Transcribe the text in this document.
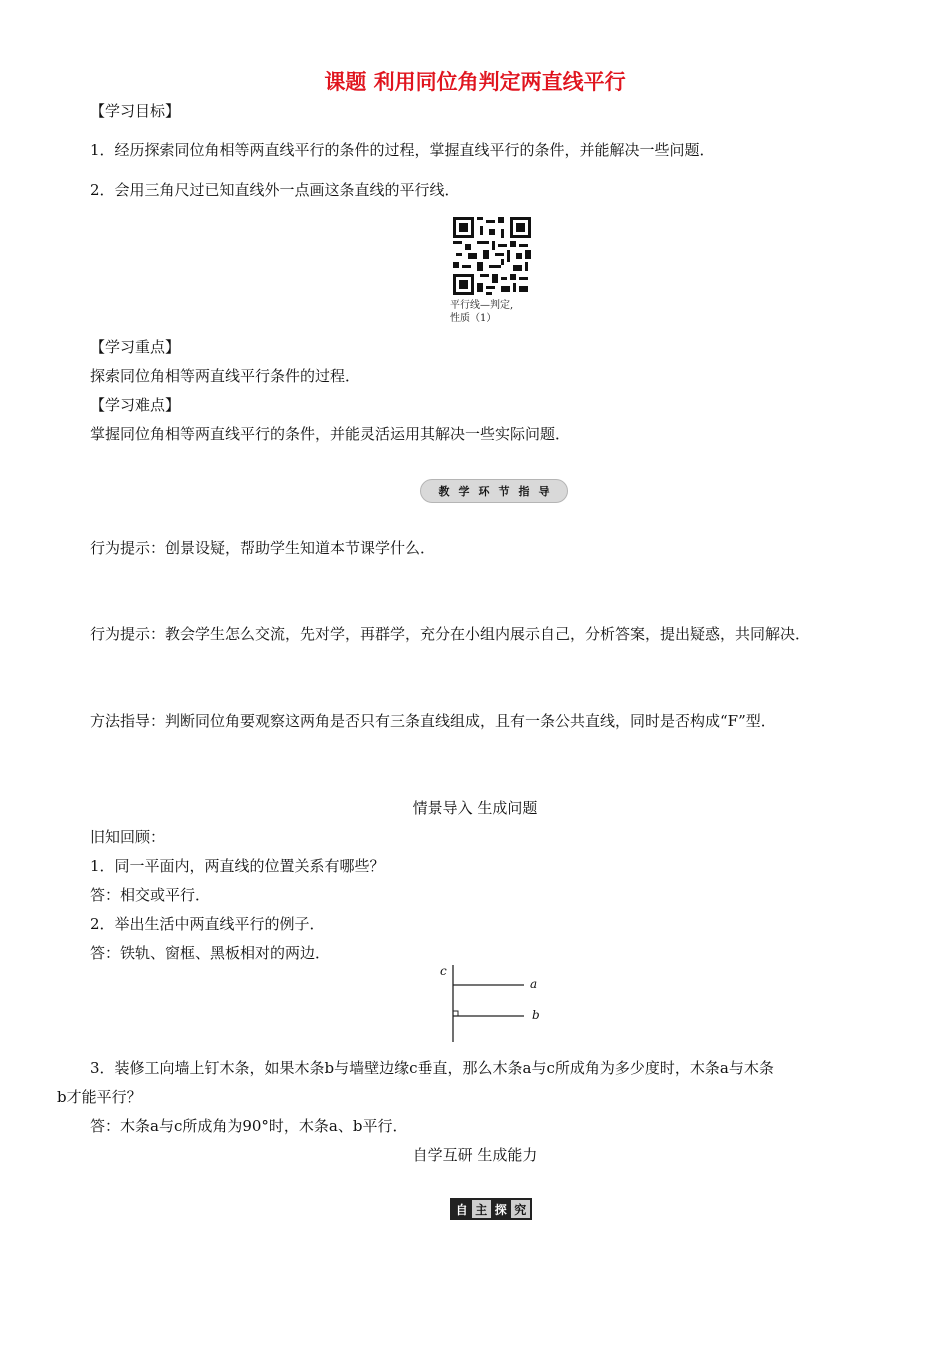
课题 利用同位角判定两直线平行
【学习目标】
1．经历探索同位角相等两直线平行的条件的过程，掌握直线平行的条件，并能解决一些问题．
2．会用三角尺过已知直线外一点画这条直线的平行线．
平行线—判定,
性质（1）
【学习重点】
探索同位角相等两直线平行条件的过程．
【学习难点】
掌握同位角相等两直线平行的条件，并能灵活运用其解决一些实际问题．
教学环节指导
行为提示：创景设疑，帮助学生知道本节课学什么．
行为提示：教会学生怎么交流，先对学，再群学，充分在小组内展示自己，分析答案，提出疑惑，共同解决．
方法指导：判断同位角要观察这两角是否只有三条直线组成，且有一条公共直线，同时是否构成“F”型．
情景导入 生成问题
旧知回顾：
1．同一平面内，两直线的位置关系有哪些？
答：相交或平行．
2．举出生活中两直线平行的例子．
答：铁轨、窗框、黑板相对的两边．
c
a
b
3．装修工向墙上钉木条，如果木条b与墙壁边缘c垂直，那么木条a与c所成角为多少度时，木条a与木条
b才能平行？
答：木条a与c所成角为90°时，木条a、b平行．
自学互研 生成能力
自 主 探 究
